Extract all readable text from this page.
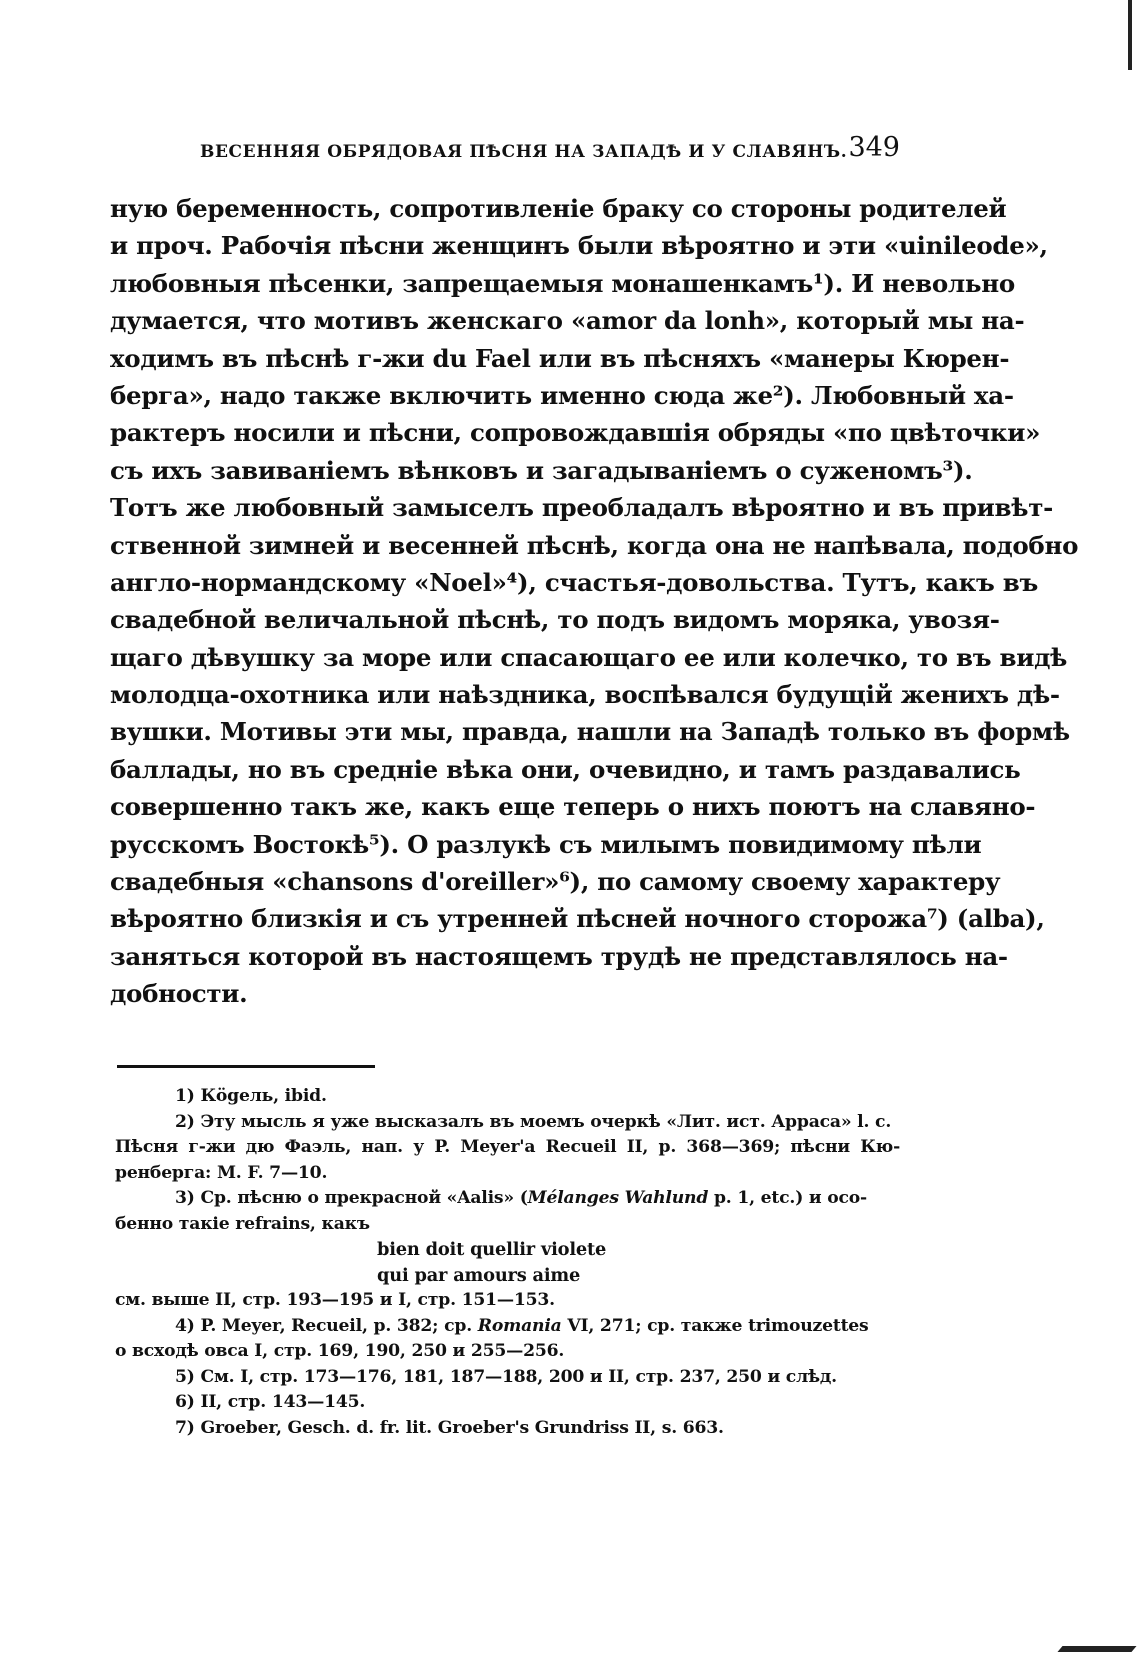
ВЕСЕННЯЯ ОБРЯДОВАЯ ПѢСНЯ НА ЗАПАДѢ И У СЛАВЯНЪ. 349
ную беременность, сопротивленіе браку со стороны родителей
и проч. Рабочія пѣсни женщинъ были вѣроятно и эти «uinileode»,
любовныя пѣсенки, запрещаемыя монашенкамъ¹). И невольно
думается, что мотивъ женскаго «amor da lonh», который мы на-
ходимъ въ пѣснѣ г-жи du Fael или въ пѣсняхъ «манеры Кюрен-
берга», надо также включить именно сюда же²). Любовный ха-
рактеръ носили и пѣсни, сопровождавшія обряды «по цвѣточки»
съ ихъ завиваніемъ вѣнковъ и загадываніемъ о суженомъ³).
Тотъ же любовный замыселъ преобладалъ вѣроятно и въ привѣт-
ственной зимней и весенней пѣснѣ, когда она не напѣвала, подобно
англо-нормандскому «Noel»⁴), счастья-довольства. Тутъ, какъ въ
свадебной величальной пѣснѣ, то подъ видомъ моряка, увозя-
щаго дѣвушку за море или спасающаго ее или колечко, то въ видѣ
молодца-охотника или наѣздника, воспѣвался будущій женихъ дѣ-
вушки. Мотивы эти мы, правда, нашли на Западѣ только въ формѣ
баллады, но въ средніе вѣка они, очевидно, и тамъ раздавались
совершенно такъ же, какъ еще теперь о нихъ поютъ на славяно-
русскомъ Востокѣ⁵). О разлукѣ съ милымъ повидимому пѣли
свадебныя «chansons d'oreiller»⁶), по самому своему характеру
вѣроятно близкія и съ утренней пѣсней ночного сторожа⁷) (alba),
заняться которой въ настоящемъ трудѣ не представлялось на-
добности.
1) Кögель, ibid.
2) Эту мысль я уже высказалъ въ моемъ очеркѣ «Лит. ист. Арраса» l. c.
Пѣсня г-жи дю Фаэль, нап. у P. Meyer'a Recueil II, p. 368—369; пѣсни Кю-
ренберга: M. F. 7—10.
3) Ср. пѣсню о прекрасной «Aalis» (Mélanges Wahlund p. 1, etc.) и осо-
бенно такіе refrains, какъ
bien doit quellir violete
qui par amours aime
см. выше II, стр. 193—195 и I, стр. 151—153.
4) P. Meyer, Recueil, p. 382; ср. Romania VI, 271; ср. также trimouzettes
о всходѣ овса I, стр. 169, 190, 250 и 255—256.
5) См. I, стр. 173—176, 181, 187—188, 200 и II, стр. 237, 250 и слѣд.
6) II, стр. 143—145.
7) Groeber, Gesch. d. fr. lit. Groeber's Grundriss II, s. 663.
